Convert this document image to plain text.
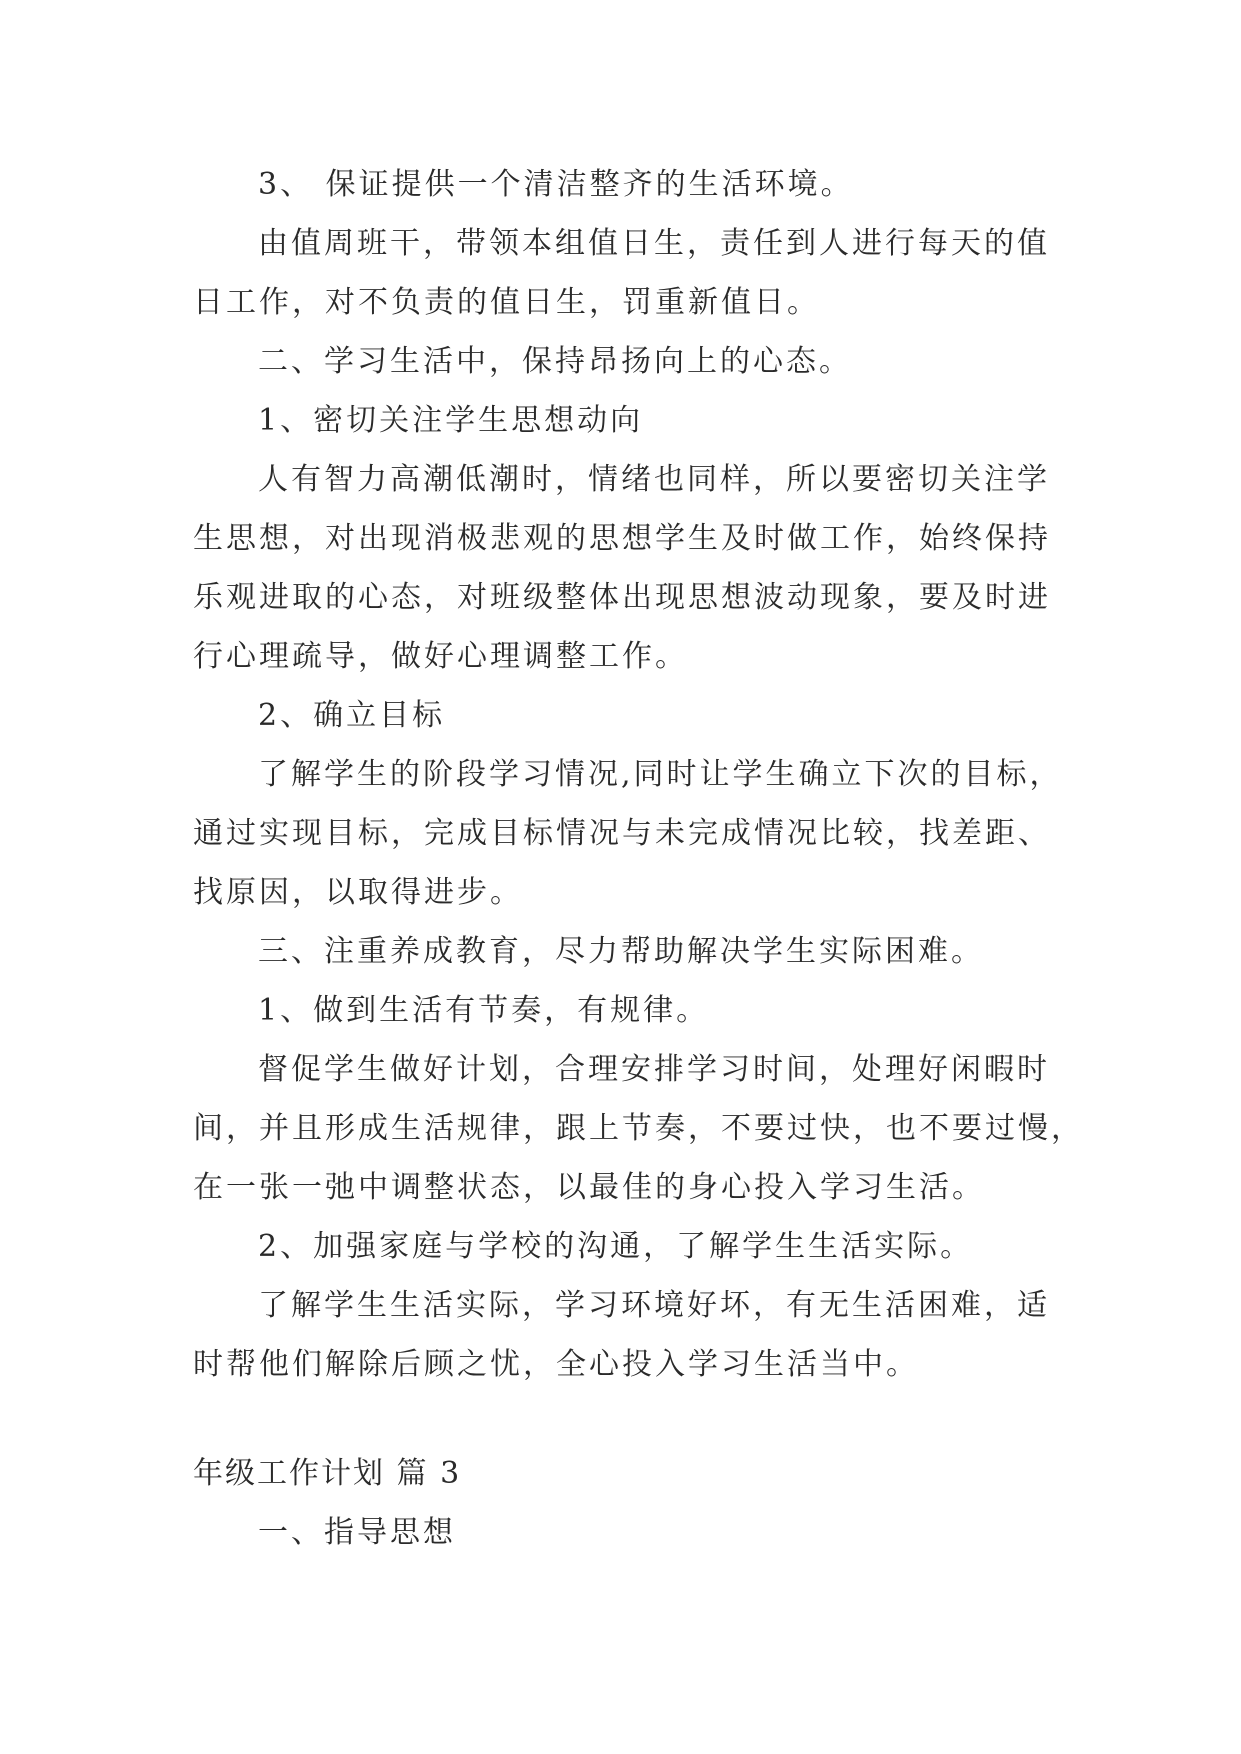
3、 保证提供一个清洁整齐的生活环境。
由值周班干，带领本组值日生，责任到人进行每天的值
日工作，对不负责的值日生，罚重新值日。
二、学习生活中，保持昂扬向上的心态。
1、密切关注学生思想动向
人有智力高潮低潮时，情绪也同样，所以要密切关注学
生思想，对出现消极悲观的思想学生及时做工作，始终保持
乐观进取的心态，对班级整体出现思想波动现象，要及时进
行心理疏导，做好心理调整工作。
2、确立目标
了解学生的阶段学习情况,同时让学生确立下次的目标，
通过实现目标，完成目标情况与未完成情况比较，找差距、
找原因，以取得进步。
三、注重养成教育，尽力帮助解决学生实际困难。
1、做到生活有节奏，有规律。
督促学生做好计划，合理安排学习时间，处理好闲暇时
间，并且形成生活规律，跟上节奏，不要过快，也不要过慢，
在一张一弛中调整状态，以最佳的身心投入学习生活。
2、加强家庭与学校的沟通，了解学生生活实际。
了解学生生活实际，学习环境好坏，有无生活困难，适
时帮他们解除后顾之忧，全心投入学习生活当中。
年级工作计划 篇 3
一、指导思想
